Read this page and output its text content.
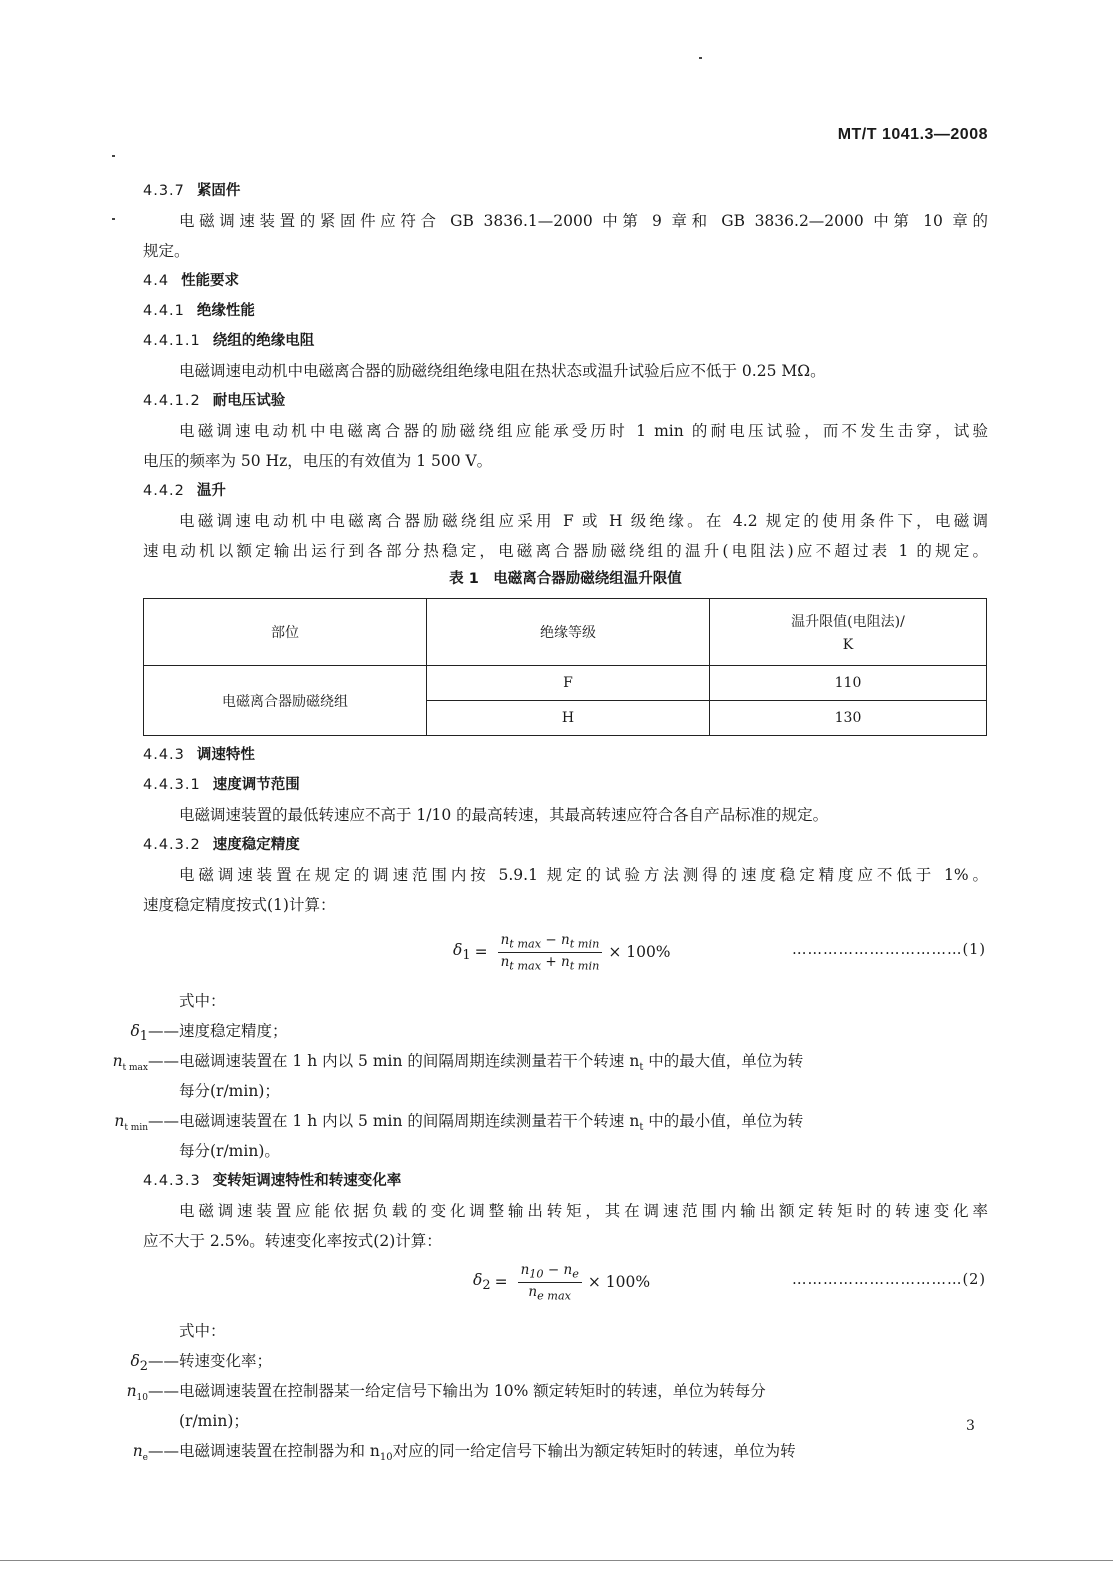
MT/T 1041.3—2008
4.3.7 紧固件
电磁调速装置的紧固件应符合 GB 3836.1—2000 中第 9 章和 GB 3836.2—2000 中第 10 章的
规定。
4.4 性能要求
4.4.1 绝缘性能
4.4.1.1 绕组的绝缘电阻
电磁调速电动机中电磁离合器的励磁绕组绝缘电阻在热状态或温升试验后应不低于 0.25 MΩ。
4.4.1.2 耐电压试验
电磁调速电动机中电磁离合器的励磁绕组应能承受历时 1 min 的耐电压试验，而不发生击穿，试验
电压的频率为 50 Hz，电压的有效值为 1 500 V。
4.4.2 温升
电磁调速电动机中电磁离合器励磁绕组应采用 F 或 H 级绝缘。在 4.2 规定的使用条件下，电磁调
速电动机以额定输出运行到各部分热稳定，电磁离合器励磁绕组的温升(电阻法)应不超过表 1 的规定。
表 1　电磁离合器励磁绕组温升限值
部位	绝缘等级	温升限值(电阻法)/
K

电磁离合器励磁绕组	F	110
	H	130
4.4.3 调速特性
4.4.3.1 速度调节范围
电磁调速装置的最低转速应不高于 1/10 的最高转速，其最高转速应符合各自产品标准的规定。
4.4.3.2 速度稳定精度
电磁调速装置在规定的调速范围内按 5.9.1 规定的试验方法测得的速度稳定精度应不低于 1%。
速度稳定精度按式(1)计算：
$\delta_1 = \frac{n_{t max} - n_{t min}}{n_{t max} + n_{t min}} \times 100\%$	……………………………(1)
式中：
$\delta_1——$ 速度稳定精度；
$n_{t max}——$ 电磁调速装置在 1 h 内以 5 min 的间隔周期连续测量若干个转速 $n_t$ 中的最大值，单位为转
每分(r/min)；
$n_{t min}——$ 电磁调速装置在 1 h 内以 5 min 的间隔周期连续测量若干个转速 $n_t$ 中的最小值，单位为转
每分(r/min)。
4.4.3.3 变转矩调速特性和转速变化率
电磁调速装置应能依据负载的变化调整输出转矩，其在调速范围内输出额定转矩时的转速变化率
应不大于 2.5%。转速变化率按式(2)计算：
$\delta_2 = \frac{n_{10} - n_e}{n_{e max}} \times 100\%$	……………………………(2)
式中：
$\delta_2——$ 转速变化率；
$n_{10}——$ 电磁调速装置在控制器某一给定信号下输出为 10% 额定转矩时的转速，单位为转每分
(r/min)；
$n_e——$ 电磁调速装置在控制器为和 $n_{10}$对应的同一给定信号下输出为额定转矩时的转速，单位为转
3
